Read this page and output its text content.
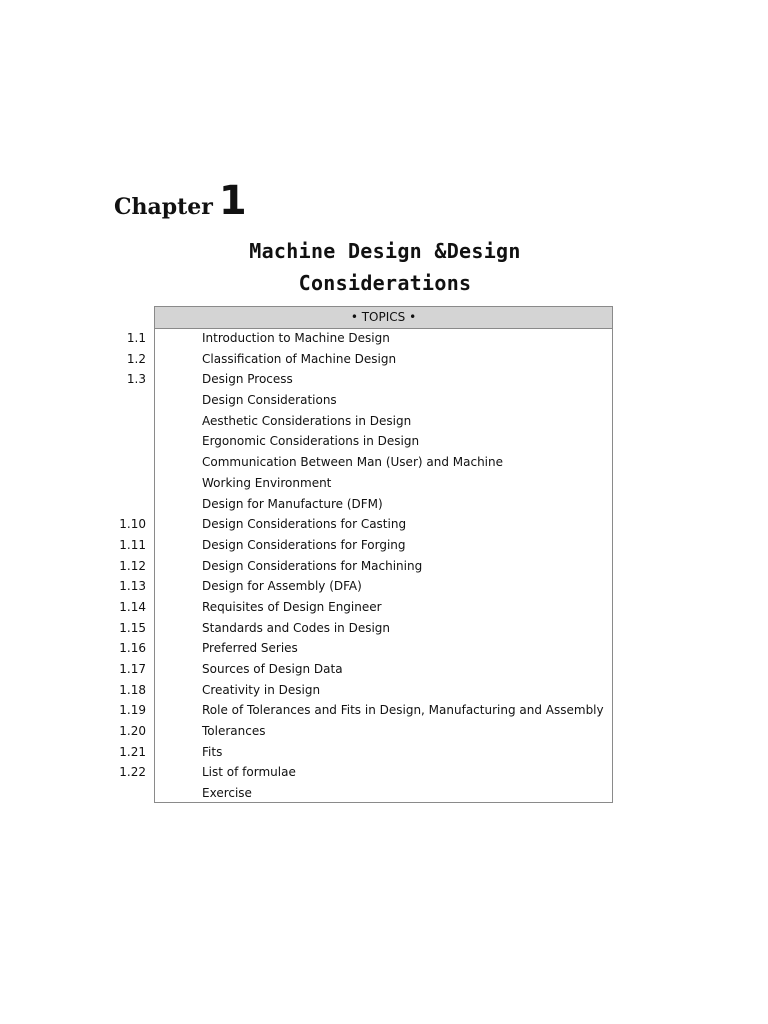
Chapter 1
Machine Design &Design
Considerations
• TOPICS •
1.1	Introduction to Machine Design
1.2	Classification of Machine Design
1.3	Design Process
Design Considerations
Aesthetic Considerations in Design
Ergonomic Considerations in Design
Communication Between Man (User) and Machine
Working Environment
Design for Manufacture (DFM)
1.10	Design Considerations for Casting
1.11	Design Considerations for Forging
1.12	Design Considerations for Machining
1.13	Design for Assembly (DFA)
1.14	Requisites of Design Engineer
1.15	Standards and Codes in Design
1.16	Preferred Series
1.17	Sources of Design Data
1.18	Creativity in Design
1.19	Role of Tolerances and Fits in Design, Manufacturing and Assembly
1.20	Tolerances
1.21	Fits
1.22	List of formulae
Exercise
